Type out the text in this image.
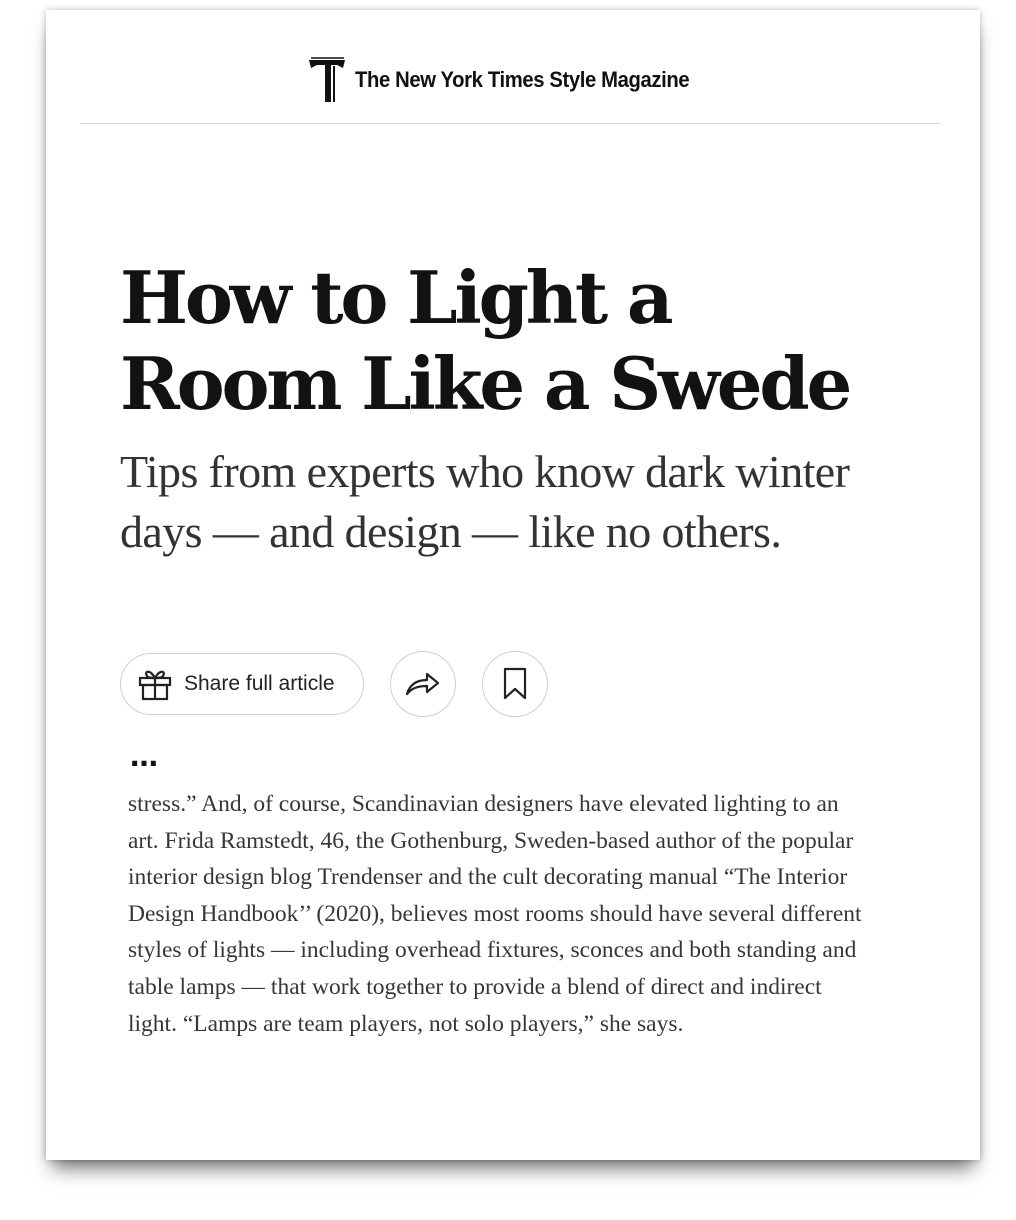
The New York Times Style Magazine
How to Light a Room Like a Swede

Tips from experts who know dark winter days — and design — like no others.

Share full article
…

stress.” And, of course, Scandinavian designers have elevated lighting to an art. Frida Ramstedt, 46, the Gothenburg, Sweden-based author of the popular interior design blog Trendenser and the cult decorating manual “The Interior Design Handbook’’ (2020), believes most rooms should have several different styles of lights — including overhead fixtures, sconces and both standing and table lamps — that work together to provide a blend of direct and indirect light. “Lamps are team players, not solo players,” she says.
